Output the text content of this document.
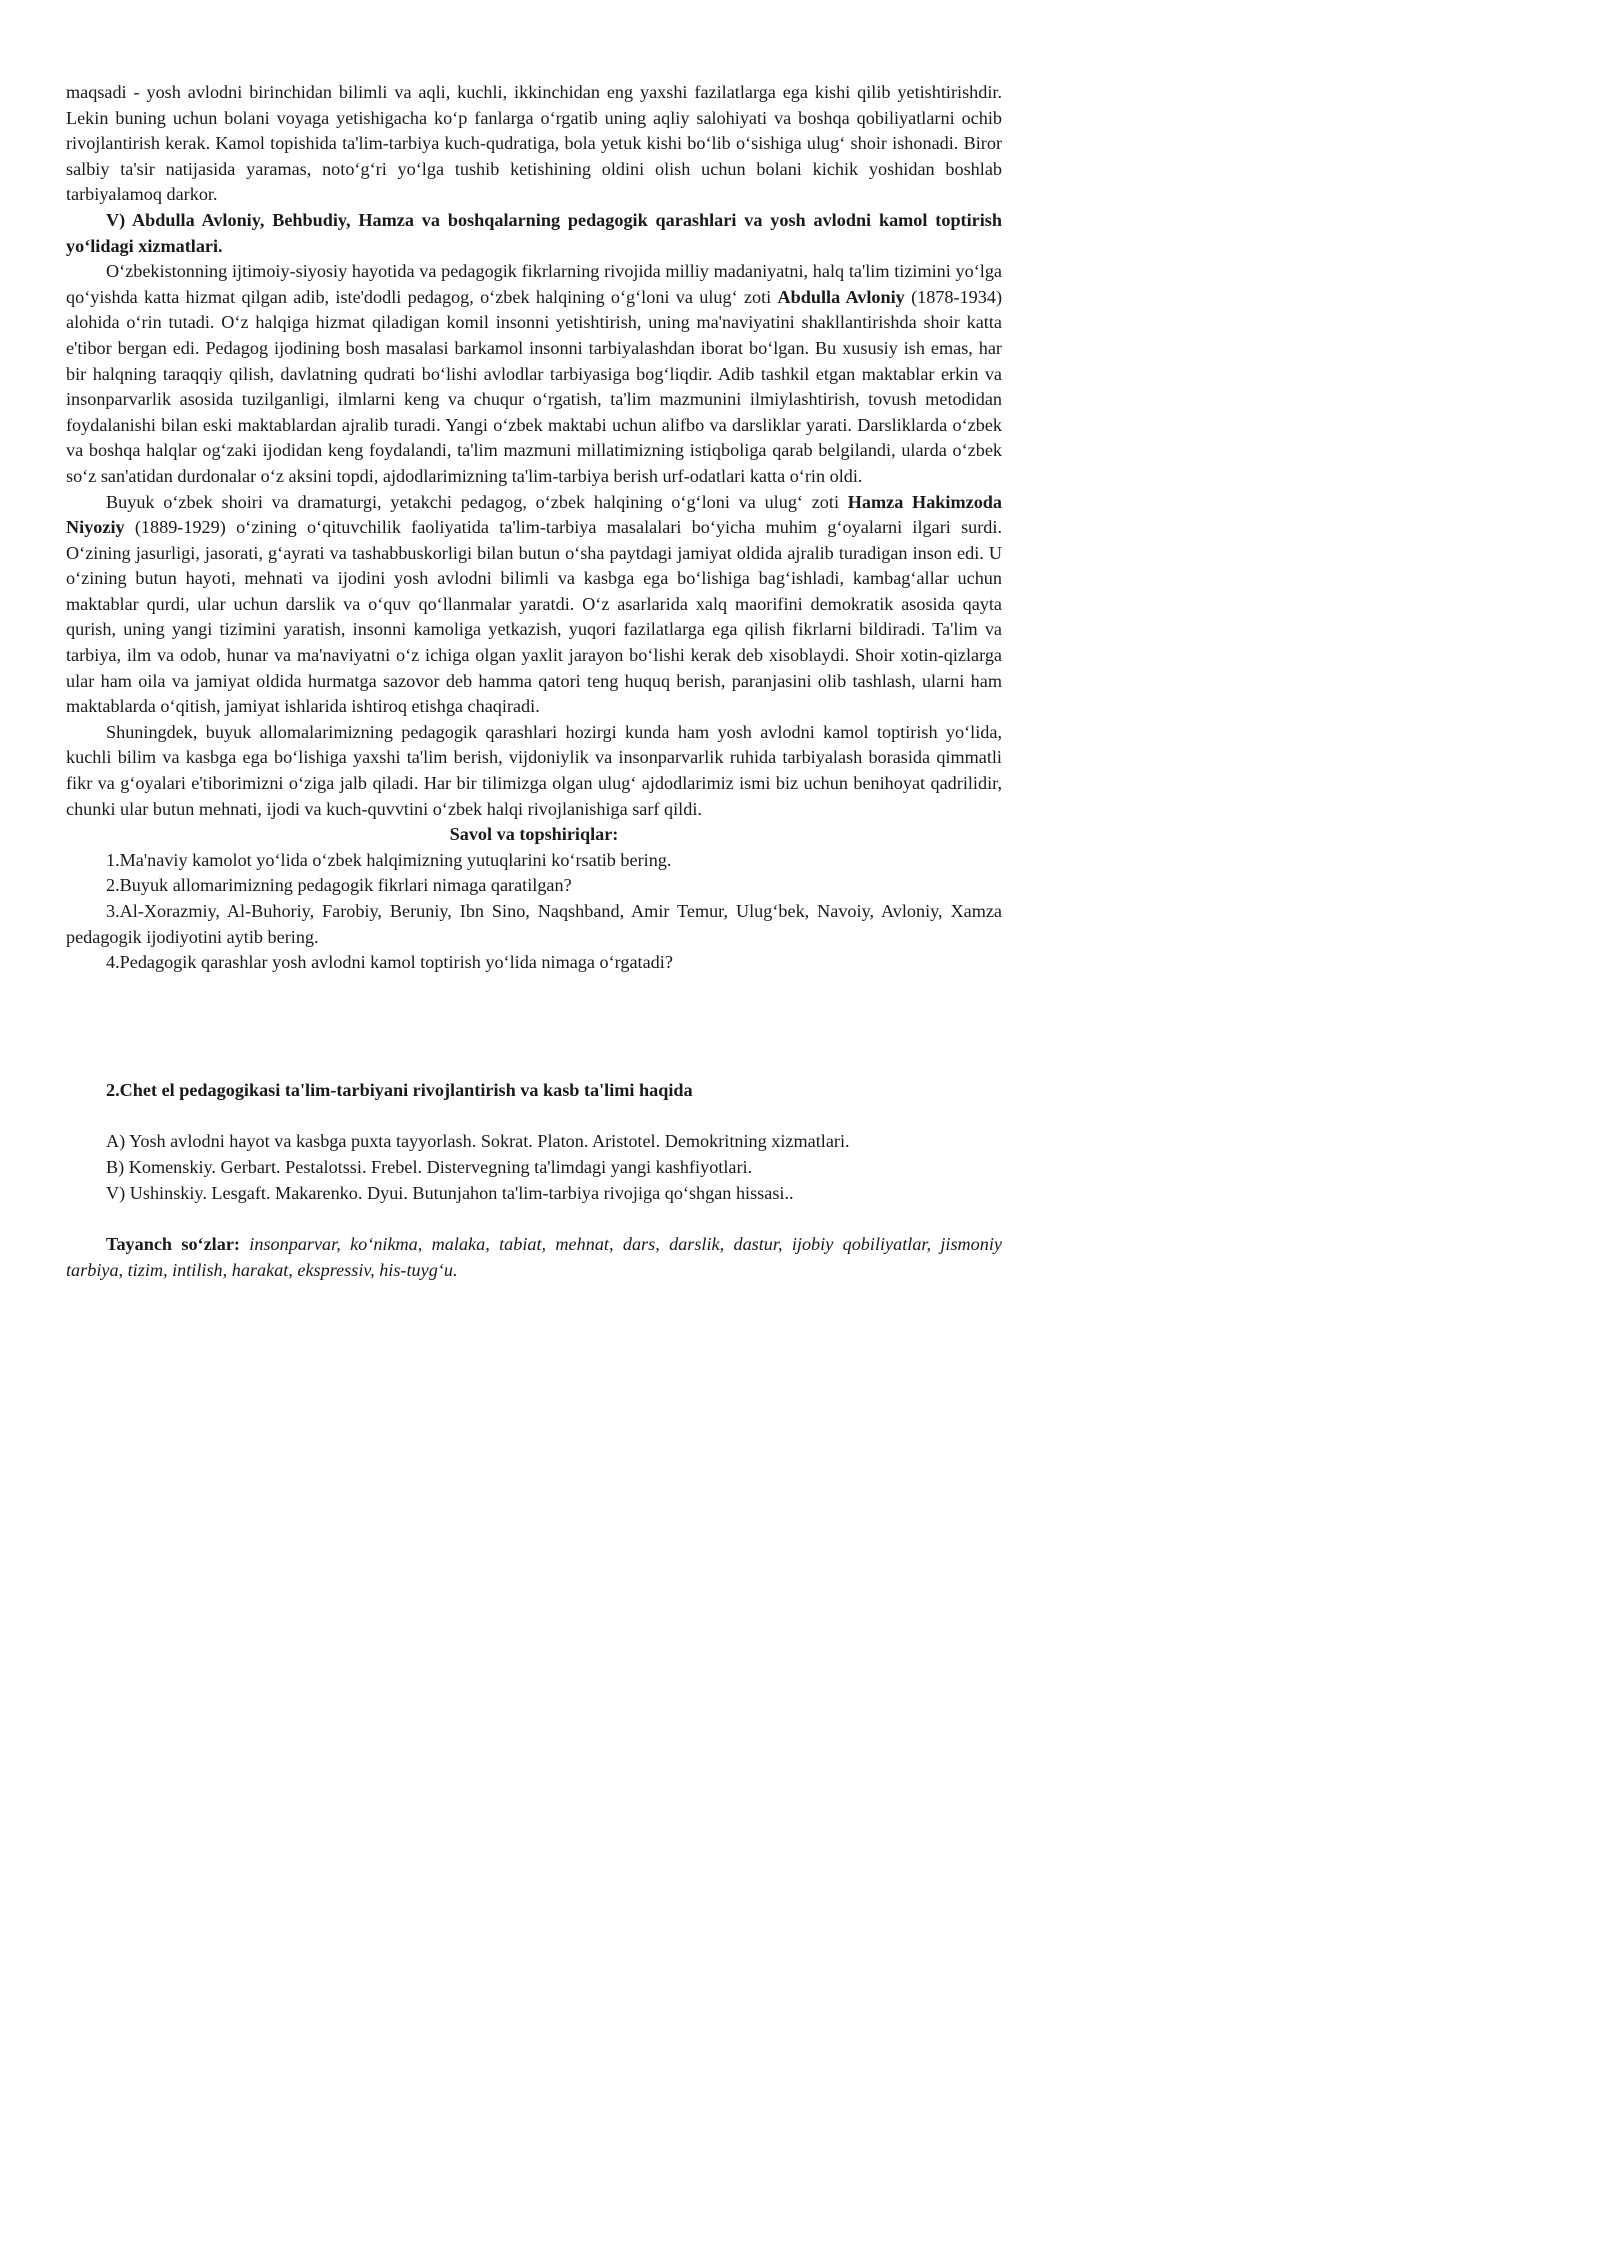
maqsadi - yosh avlodni birinchidan bilimli va aqli, kuchli, ikkinchidan eng yaxshi fazilatlarga ega kishi qilib yetishtirishdir. Lekin buning uchun bolani voyaga yetishigacha koʻp fanlarga oʻrgatib uning aqliy salohiyati va boshqa qobiliyatlarni ochib rivojlantirish kerak. Kamol topishida ta'lim-tarbiya kuch-qudratiga, bola yetuk kishi boʻlib oʻsishiga ulugʻ shoir ishonadi. Biror salbiy ta'sir natijasida yaramas, notoʻgʻri yoʻlga tushib ketishining oldini olish uchun bolani kichik yoshidan boshlab tarbiyalamoq darkor.

V) Abdulla Avloniy, Behbudiy, Hamza va boshqalarning pedagogik qarashlari va yosh avlodni kamol toptirish yoʻlidagi xizmatlari.

Oʻzbekistonning ijtimoiy-siyosiy hayotida va pedagogik fikrlarning rivojida milliy madaniyatni, halq ta'lim tizimini yoʻlga qoʻyishda katta hizmat qilgan adib, iste'dodli pedagog, oʻzbek halqining oʻgʻloni va ulugʻ zoti Abdulla Avloniy (1878-1934) alohida oʻrin tutadi. Oʻz halqiga hizmat qiladigan komil insonni yetishtirish, uning ma'naviyatini shakllantirishda shoir katta e'tibor bergan edi. Pedagog ijodining bosh masalasi barkamol insonni tarbiyalashdan iborat boʻlgan. Bu xususiy ish emas, har bir halqning taraqqiy qilish, davlatning qudrati boʻlishi avlodlar tarbiyasiga bogʻliqdir. Adib tashkil etgan maktablar erkin va insonparvarlik asosida tuzilganligi, ilmlarni keng va chuqur oʻrgatish, ta'lim mazmunini ilmiylashtirish, tovush metodidan foydalanishi bilan eski maktablardan ajralib turadi. Yangi oʻzbek maktabi uchun alifbo va darsliklar yarati. Darsliklarda oʻzbek va boshqa halqlar ogʻzaki ijodidan keng foydalandi, ta'lim mazmuni millatimizning istiqboliga qarab belgilandi, ularda oʻzbek soʻz san'atidan durdonalar oʻz aksini topdi, ajdodlarimizning ta'lim-tarbiya berish urf-odatlari katta oʻrin oldi.

Buyuk oʻzbek shoiri va dramaturgi, yetakchi pedagog, oʻzbek halqining oʻgʻloni va ulugʻ zoti Hamza Hakimzoda Niyoziy (1889-1929) oʻzining oʻqituvchilik faoliyatida ta'lim-tarbiya masalalari boʻyicha muhim gʻoyalarni ilgari surdi. Oʻzining jasurligi, jasorati, gʻayrati va tashabbuskorligi bilan butun oʻsha paytdagi jamiyat oldida ajralib turadigan inson edi. U oʻzining butun hayoti, mehnati va ijodini yosh avlodni bilimli va kasbga ega boʻlishiga bagʻishladi, kambagʻallar uchun maktablar qurdi, ular uchun darslik va oʻquv qoʻllanmalar yaratdi. Oʻz asarlarida xalq maorifini demokratik asosida qayta qurish, uning yangi tizimini yaratish, insonni kamoliga yetkazish, yuqori fazilatlarga ega qilish fikrlarni bildiradi. Ta'lim va tarbiya, ilm va odob, hunar va ma'naviyatni oʻz ichiga olgan yaxlit jarayon boʻlishi kerak deb xisoblaydi. Shoir xotin-qizlarga ular ham oila va jamiyat oldida hurmatga sazovor deb hamma qatori teng huquq berish, paranjasini olib tashlash, ularni ham maktablarda oʻqitish, jamiyat ishlarida ishtiroq etishga chaqiradi.

Shuningdek, buyuk allomalarimizning pedagogik qarashlari hozirgi kunda ham yosh avlodni kamol toptirish yoʻlida, kuchli bilim va kasbga ega boʻlishiga yaxshi ta'lim berish, vijdoniylik va insonparvarlik ruhida tarbiyalash borasida qimmatli fikr va gʻoyalari e'tiborimizni oʻziga jalb qiladi. Har bir tilimizga olgan ulugʻ ajdodlarimiz ismi biz uchun benihoyat qadrilidir, chunki ular butun mehnati, ijodi va kuch-quvvtini oʻzbek halqi rivojlanishiga sarf qildi.

Savol va topshiriqlar:

1.Ma'naviy kamolot yoʻlida oʻzbek halqimizning yutuqlarini koʻrsatib bering.

2.Buyuk allomarimizning pedagogik fikrlari nimaga qaratilgan?

3.Al-Xorazmiy, Al-Buhoriy, Farobiy, Beruniy, Ibn Sino, Naqshband, Amir Temur, Ulugʻbek, Navoiy, Avloniy, Xamza pedagogik ijodiyotini aytib bering.

4.Pedagogik qarashlar yosh avlodni kamol toptirish yoʻlida nimaga oʻrgatadi?

2.Chet el pedagogikasi ta'lim-tarbiyani rivojlantirish va kasb ta'limi haqida

A) Yosh avlodni hayot va kasbga puxta tayyorlash. Sokrat. Platon. Aristotel. Demokritning xizmatlari.

B) Komenskiy. Gerbart. Pestalotssi. Frebel. Distervegning ta'limdagi yangi kashfiyotlari.

V) Ushinskiy. Lesgaft. Makarenko. Dyui. Butunjahon ta'lim-tarbiya rivojiga qoʻshgan hissasi..

Tayanch soʻzlar: insonparvar, koʻnikma, malaka, tabiat, mehnat, dars, darslik, dastur, ijobiy qobiliyatlar, jismoniy tarbiya, tizim, intilish, harakat, ekspressiv, his-tuygʻu.
